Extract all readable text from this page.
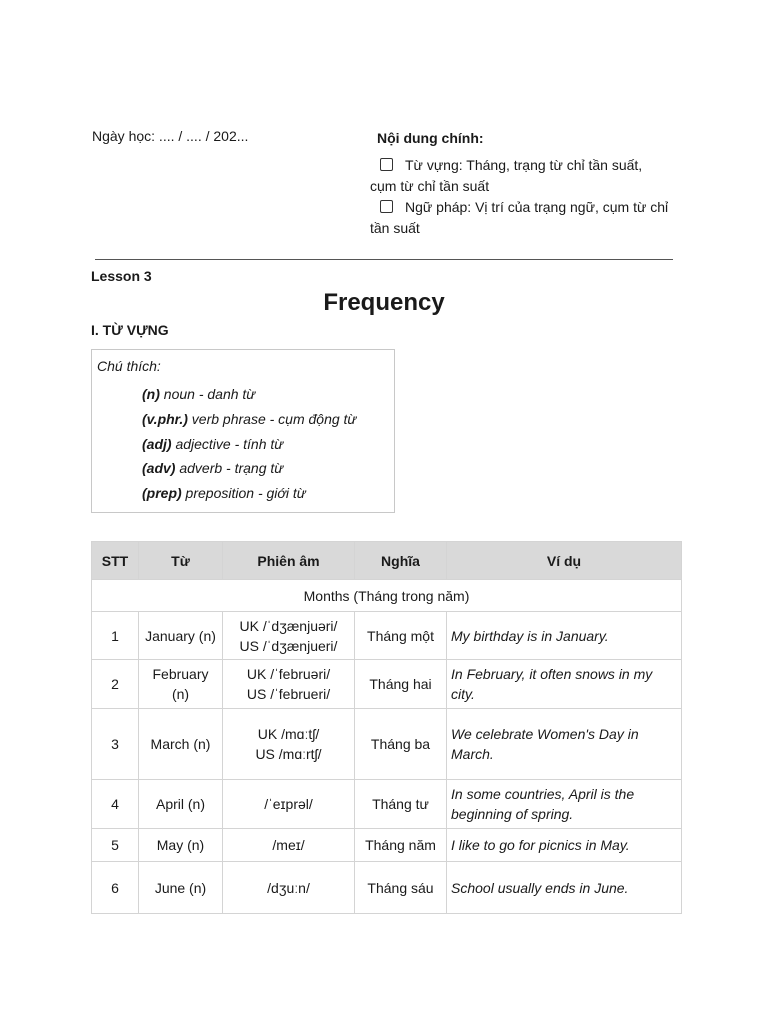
Ngày học: .... / .... / 202...	Nội dung chính:
Từ vựng: Tháng, trạng từ chỉ tần suất, cụm từ chỉ tần suất
Ngữ pháp: Vị trí của trạng ngữ, cụm từ chỉ tần suất
Lesson 3
Frequency
I. TỪ VỰNG
Chú thích:
(n) noun - danh từ
(v.phr.) verb phrase - cụm động từ
(adj) adjective - tính từ
(adv) adverb - trạng từ
(prep) preposition - giới từ
STT	Từ	Phiên âm	Nghĩa	Ví dụ
Months (Tháng trong năm)				
1	January (n)	UK /ˈdʒænjuəri/
US /ˈdʒænjueri/	Tháng một	My birthday is in January.
2	February (n)	UK /ˈfebruəri/
US /ˈfebrueri/	Tháng hai	In February, it often snows in my city.
3	March (n)	UK /mɑːtʃ/
US /mɑːrtʃ/	Tháng ba	We celebrate Women's Day in March.
4	April (n)	/ˈeɪprəl/	Tháng tư	In some countries, April is the beginning of spring.
5	May (n)	/meɪ/	Tháng năm	I like to go for picnics in May.
6	June (n)	/dʒuːn/	Tháng sáu	School usually ends in June.
